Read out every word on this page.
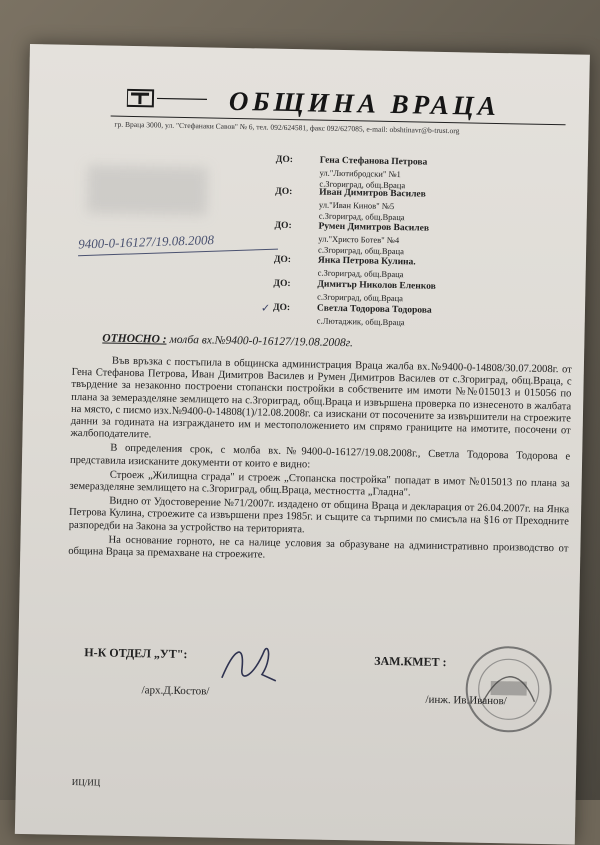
ОБЩИНА ВРАЦА
гр. Враца 3000, ул. "Стефанаки Савов" № 6, тел. 092/624581, факс 092/627085, e-mail: obshtinavr@b-trust.org
9400-0-16127/19.08.2008
ДО:	Гена Стефанова Петрова
ул."Лютибродски" №1
с.Згориград, общ.Враца
ДО:	Иван Димитров Василев
ул."Иван Кинов" №5
с.Згориград, общ.Враца
ДО:	Румен Димитров Василев
ул."Христо Ботев" №4
с.Згориград, общ.Враца
ДО:	Янка Петрова Кулина.
с.Згориград, общ.Враца
ДО:	Димитър Николов Еленков
с.Згориград, общ.Враца
✓ ДО:	Светла Тодорова Тодорова
с.Лютаджик, общ.Враца
ОТНОСНО : молба вх.№9400-0-16127/19.08.2008г.

Във връзка с постъпила в общинска администрация Враца жалба вх.№9400-0-14808/30.07.2008г. от Гена Стефанова Петрова, Иван Димитров Василев и Румен Димитров Василев от с.Згориград, общ.Враца, с твърдение за незаконно построени стопански постройки в собствените им имоти №№015013 и 015056 по плана за земеразделяне землището на с.Згориград, общ.Враца и извършена проверка по изнесеното в жалбата на място, с писмо изх.№9400-0-14808(1)/12.08.2008г. са изискани от посочените за извършители на строежите данни за годината на изграждането им и местоположението им спрямо границите на имотите, посочени от жалбоподателите.

В определения срок, с молба вх.№9400-0-16127/19.08.2008г., Светла Тодорова Тодорова е представила изисканите документи от които е видно:

Строеж „Жилищна сграда" и строеж „Стопанска постройка" попадат в имот №015013 по плана за земеразделяне землището на с.Згориград, общ.Враца, местността „Гладна".

Видно от Удостоверение №71/2007г. издадено от община Враца и декларация от 26.04.2007г. на Янка Петрова Кулина, строежите са извършени през 1985г. и същите са търпими по смисъла на §16 от Преходните разпоредби на Закона за устройство на територията.

На основание горното, не са налице условия за образуване на административно производство от община Враца за премахване на строежите.

Н-К ОТДЕЛ „УТ":
/арх.Д.Костов/
ЗАМ.КМЕТ :
/инж. Ив.Иванов/
ИЦ/ИЦ
